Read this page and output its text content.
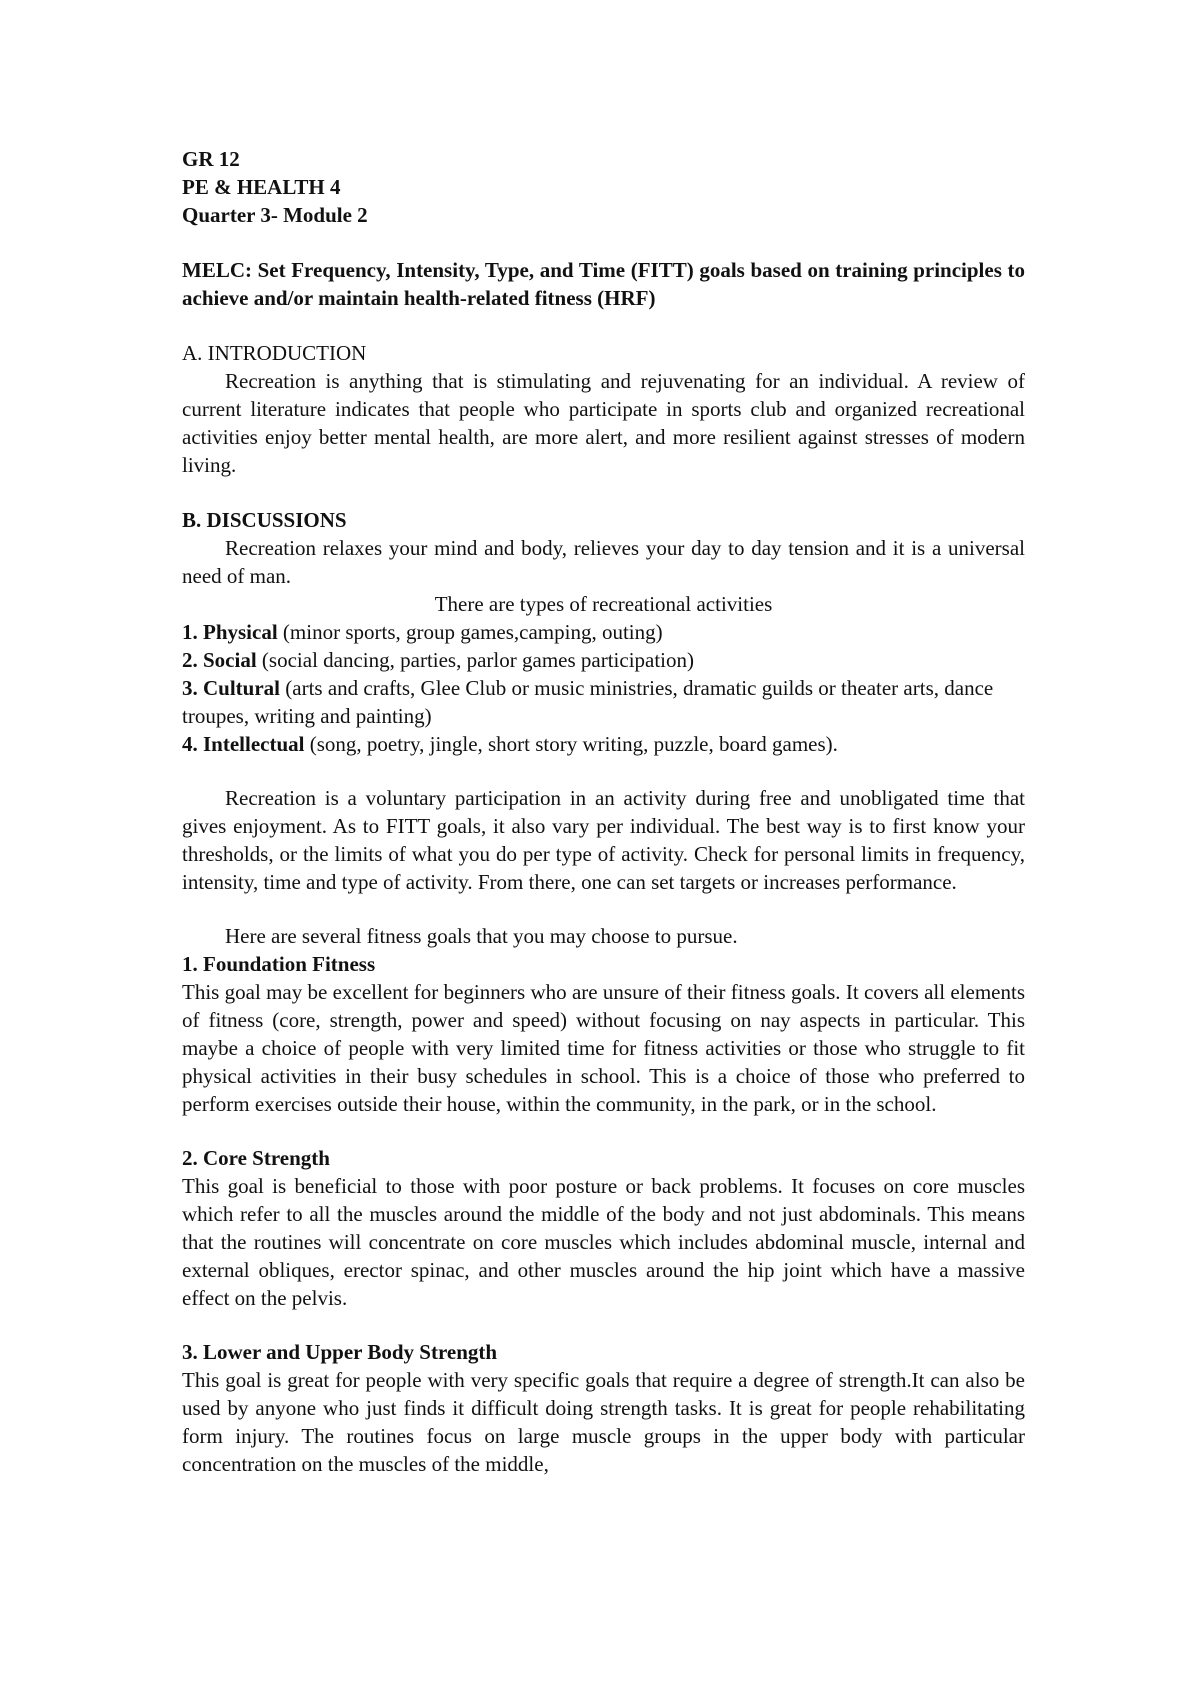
GR 12
PE & HEALTH 4
Quarter 3- Module 2
MELC: Set Frequency, Intensity, Type, and Time (FITT) goals based on training principles to achieve and/or maintain health-related fitness (HRF)
A. INTRODUCTION
Recreation is anything that is stimulating and rejuvenating for an individual. A review of current literature indicates that people who participate in sports club and organized recreational activities enjoy better mental health, are more alert, and more resilient against stresses of modern living.
B. DISCUSSIONS
Recreation relaxes your mind and body, relieves your day to day tension and it is a universal need of man.
There are types of recreational activities
1. Physical (minor sports, group games,camping, outing)
2. Social (social dancing, parties, parlor games participation)
3. Cultural (arts and crafts, Glee Club or music ministries, dramatic guilds or theater arts, dance troupes, writing and painting)
4. Intellectual (song, poetry, jingle, short story writing, puzzle, board games).
Recreation is a voluntary participation in an activity during free and unobligated time that gives enjoyment. As to FITT goals, it also vary per individual. The best way is to first know your thresholds, or the limits of what you do per type of activity. Check for personal limits in frequency, intensity, time and type of activity. From there, one can set targets or increases performance.
Here are several fitness goals that you may choose to pursue.
1. Foundation Fitness
This goal may be excellent for beginners who are unsure of their fitness goals. It covers all elements of fitness (core, strength, power and speed) without focusing on nay aspects in particular. This maybe a choice of people with very limited time for fitness activities or those who struggle to fit physical activities in their busy schedules in school. This is a choice of those who preferred to perform exercises outside their house, within the community, in the park, or in the school.
2. Core Strength
This goal is beneficial to those with poor posture or back problems. It focuses on core muscles which refer to all the muscles around the middle of the body and not just abdominals. This means that the routines will concentrate on core muscles which includes abdominal muscle, internal and external obliques, erector spinac, and other muscles around the hip joint which have a massive effect on the pelvis.
3. Lower and Upper Body Strength
This goal is great for people with very specific goals that require a degree of strength.It can also be used by anyone who just finds it difficult doing strength tasks. It is great for people rehabilitating form injury. The routines focus on large muscle groups in the upper body with particular concentration on the muscles of the middle,
